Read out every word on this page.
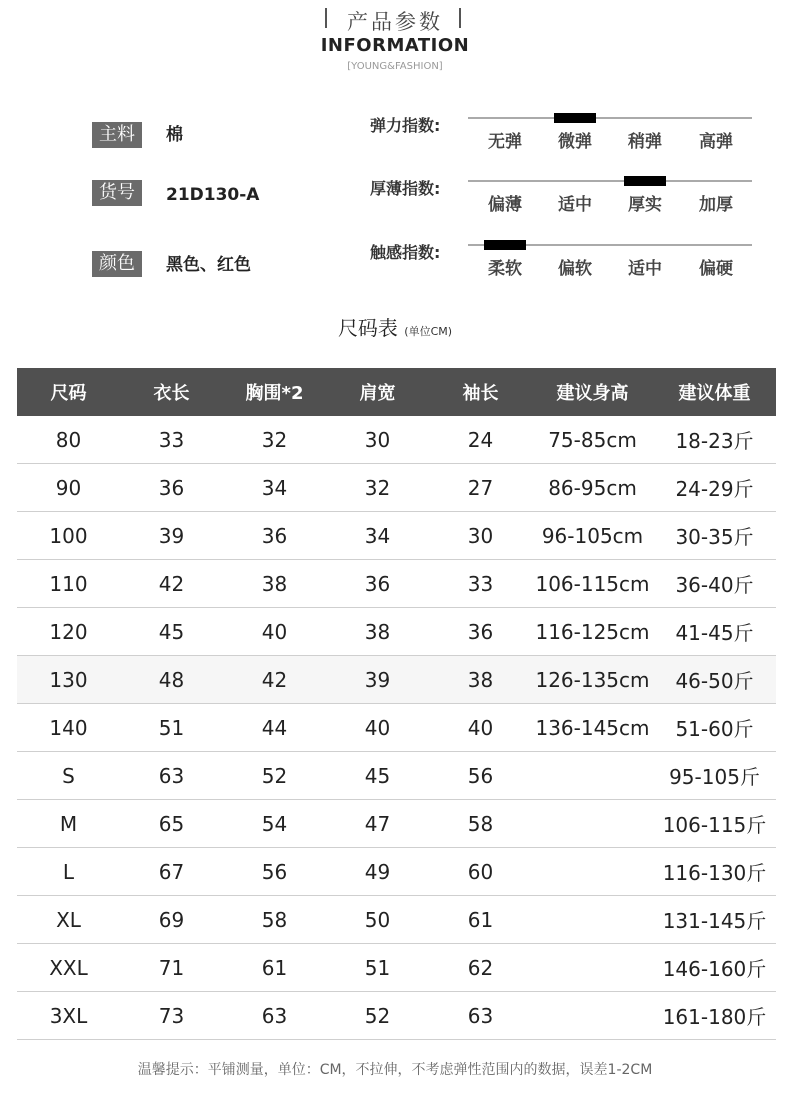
产品参数
INFORMATION
[YOUNG&FASHION]
主料	棉
货号	21D130-A
颜色	黑色、红色
弹力指数:
无弹	微弹	稍弹	高弹
厚薄指数:
偏薄	适中	厚实	加厚
触感指数:
柔软	偏软	适中	偏硬
尺码表 (单位CM)
尺码	衣长	胸围*2	肩宽	袖长	建议身高	建议体重
80	33	32	30	24	75-85cm	18-23斤
90	36	34	32	27	86-95cm	24-29斤
100	39	36	34	30	96-105cm	30-35斤
110	42	38	36	33	106-115cm	36-40斤
120	45	40	38	36	116-125cm	41-45斤
130	48	42	39	38	126-135cm	46-50斤
140	51	44	40	40	136-145cm	51-60斤
S	63	52	45	56		95-105斤
M	65	54	47	58		106-115斤
L	67	56	49	60		116-130斤
XL	69	58	50	61		131-145斤
XXL	71	61	51	62		146-160斤
3XL	73	63	52	63		161-180斤
温馨提示：平铺测量，单位：CM，不拉伸，不考虑弹性范围内的数据，误差1-2CM
